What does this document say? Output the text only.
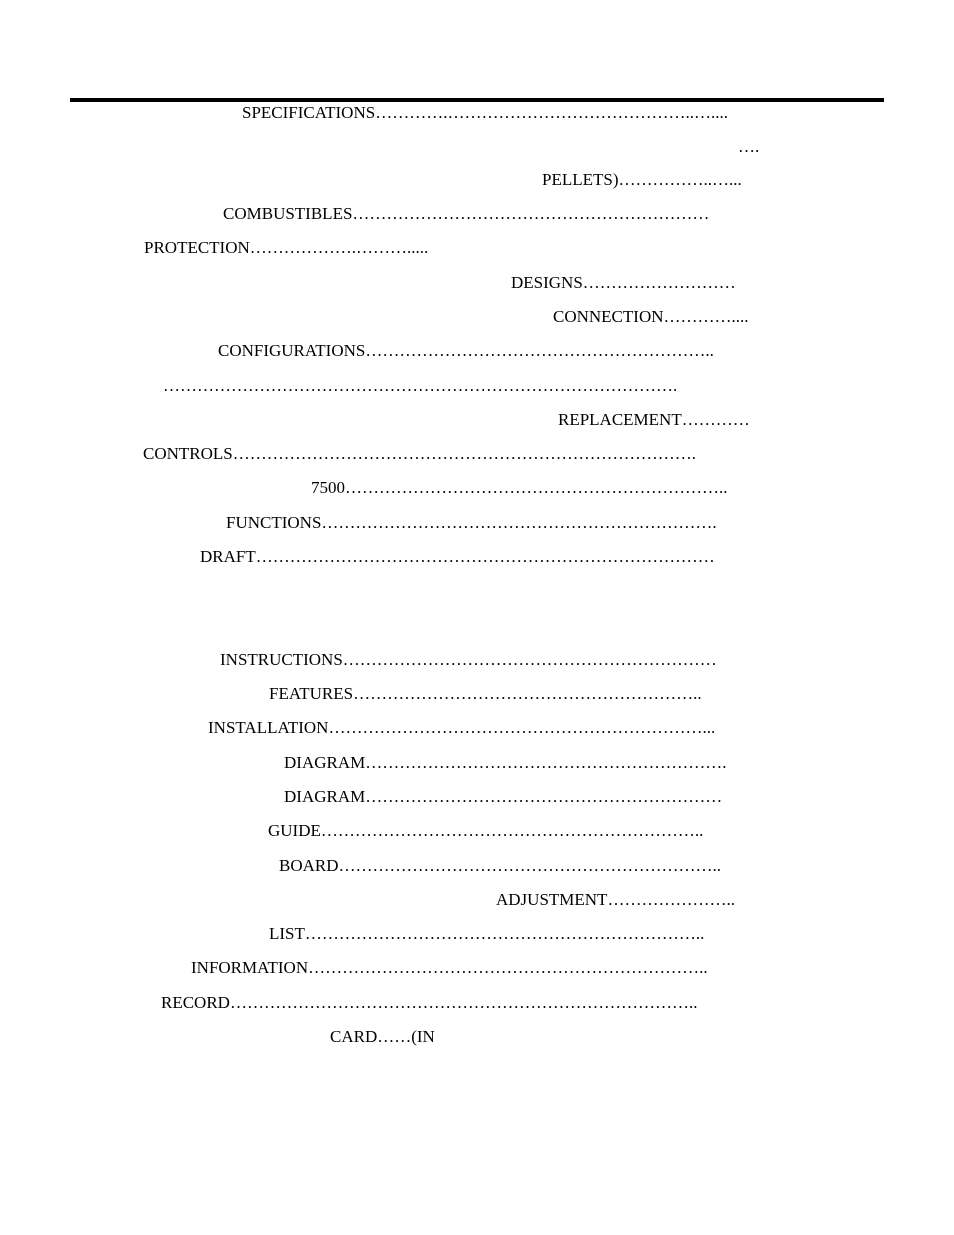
SPECIFICATIONS………….……………………………………..…....
….
PELLETS)……………..…...
COMBUSTIBLES………………………………………………………
PROTECTION……………….……….....
DESIGNS………………………
CONNECTION…………....
CONFIGURATIONS……………………………………………………..
……………………………………………………………………………….
REPLACEMENT…………
CONTROLS……………………………………………………………………….
7500…………………………………………………………..
FUNCTIONS…………………………………………………………….
DRAFT………………………………………………………………………
INSTRUCTIONS…………………………………………………………
FEATURES……………………………………………………..
INSTALLATION…………………………………………………………...
DIAGRAM……………………………………………………….
DIAGRAM………………………………………………………
GUIDE…………………………………………………………..
BOARD…………………………………………………………..
ADJUSTMENT…………………..
LIST……………………………………………………………..
INFORMATION……………………………………………………………..
RECORD………………………………………………………………………..
CARD……(IN
